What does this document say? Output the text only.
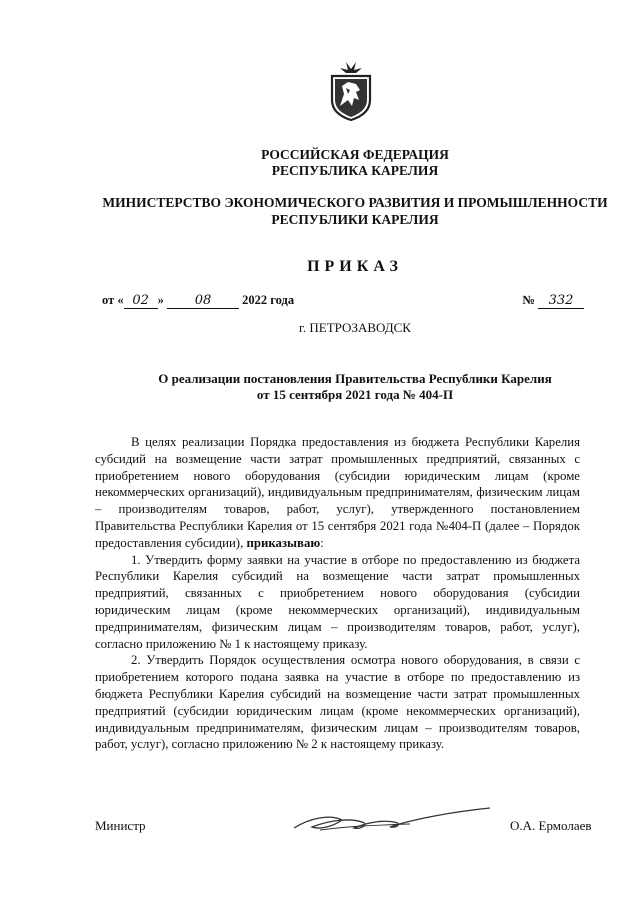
РОССИЙСКАЯ ФЕДЕРАЦИЯ
РЕСПУБЛИКА КАРЕЛИЯ
МИНИСТЕРСТВО ЭКОНОМИЧЕСКОГО РАЗВИТИЯ И ПРОМЫШЛЕННОСТИ
РЕСПУБЛИКИ КАРЕЛИЯ
ПРИКАЗ
от « 02 » 08 2022 года	№ 332
г. ПЕТРОЗАВОДСК
О реализации постановления Правительства Республики Карелия
от 15 сентября 2021 года № 404-П

В целях реализации Порядка предоставления из бюджета Республики Карелия субсидий на возмещение части затрат промышленных предприятий, связанных с приобретением нового оборудования (субсидии юридическим лицам (кроме некоммерческих организаций), индивидуальным предпринимателям, физическим лицам – производителям товаров, работ, услуг), утвержденного постановлением Правительства Республики Карелия от 15 сентября 2021 года №404-П (далее – Порядок предоставления субсидии), приказываю:

1. Утвердить форму заявки на участие в отборе по предоставлению из бюджета Республики Карелия субсидий на возмещение части затрат промышленных предприятий, связанных с приобретением нового оборудования (субсидии юридическим лицам (кроме некоммерческих организаций), индивидуальным предпринимателям, физическим лицам – производителям товаров, работ, услуг), согласно приложению № 1 к настоящему приказу.

2. Утвердить Порядок осуществления осмотра нового оборудования, в связи с приобретением которого подана заявка на участие в отборе по предоставлению из бюджета Республики Карелия субсидий на возмещение части затрат промышленных предприятий (субсидии юридическим лицам (кроме некоммерческих организаций), индивидуальным предпринимателям, физическим лицам – производителям товаров, работ, услуг), согласно приложению № 2 к настоящему приказу.

Министр	О.А. Ермолаев
